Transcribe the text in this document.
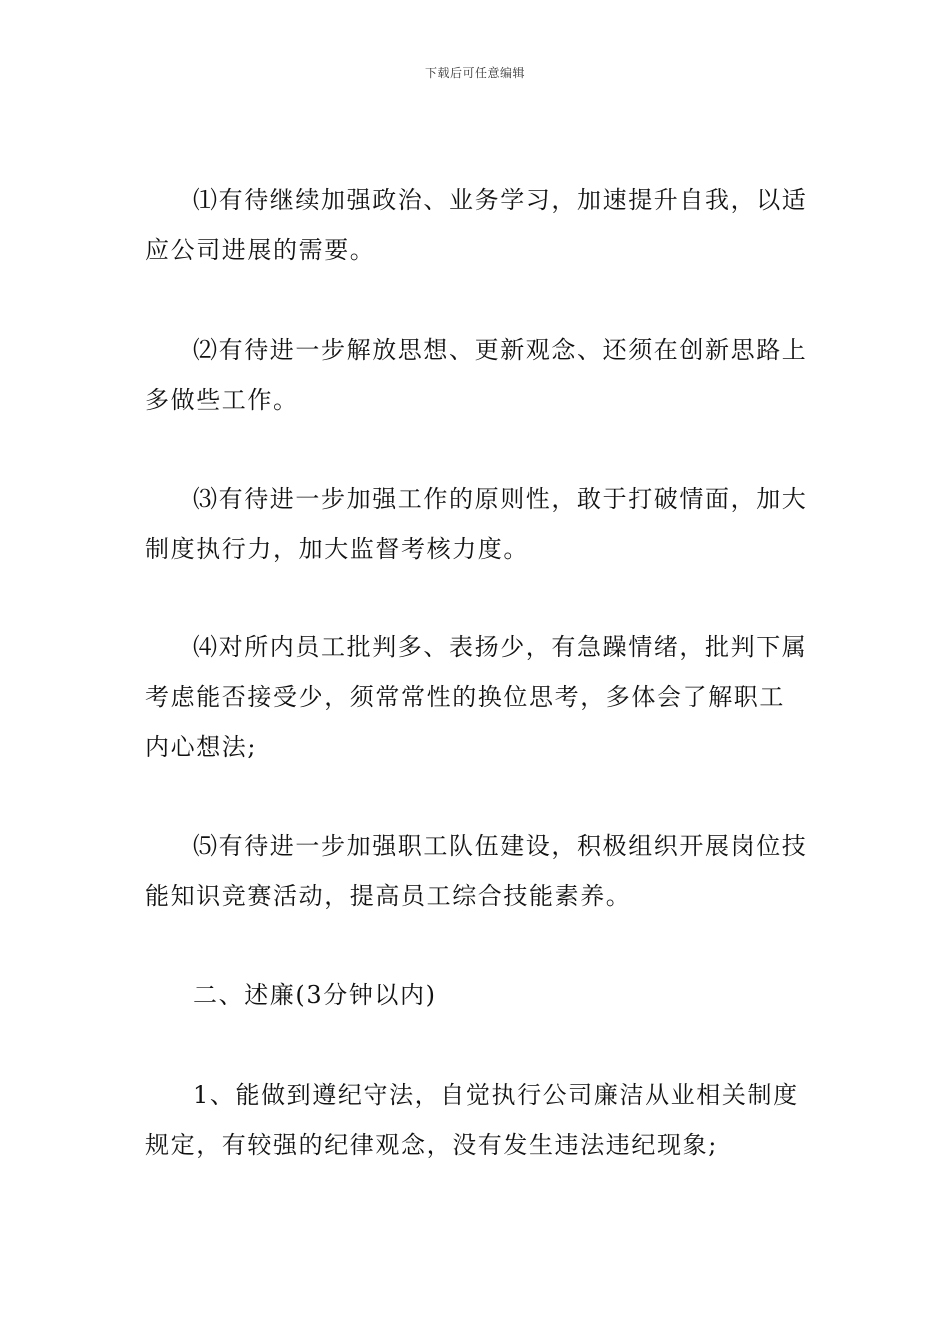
下载后可任意编辑

⑴有待继续加强政治、业务学习，加速提升自我，以适应公司进展的需要。

⑵有待进一步解放思想、更新观念、还须在创新思路上多做些工作。

⑶有待进一步加强工作的原则性，敢于打破情面，加大制度执行力，加大监督考核力度。

⑷对所内员工批判多、表扬少，有急躁情绪，批判下属考虑能否接受少，须常常性的换位思考，多体会了解职工内心想法;

⑸有待进一步加强职工队伍建设，积极组织开展岗位技能知识竞赛活动，提高员工综合技能素养。

二、述廉(3分钟以内)

1、能做到遵纪守法，自觉执行公司廉洁从业相关制度规定，有较强的纪律观念，没有发生违法违纪现象;
